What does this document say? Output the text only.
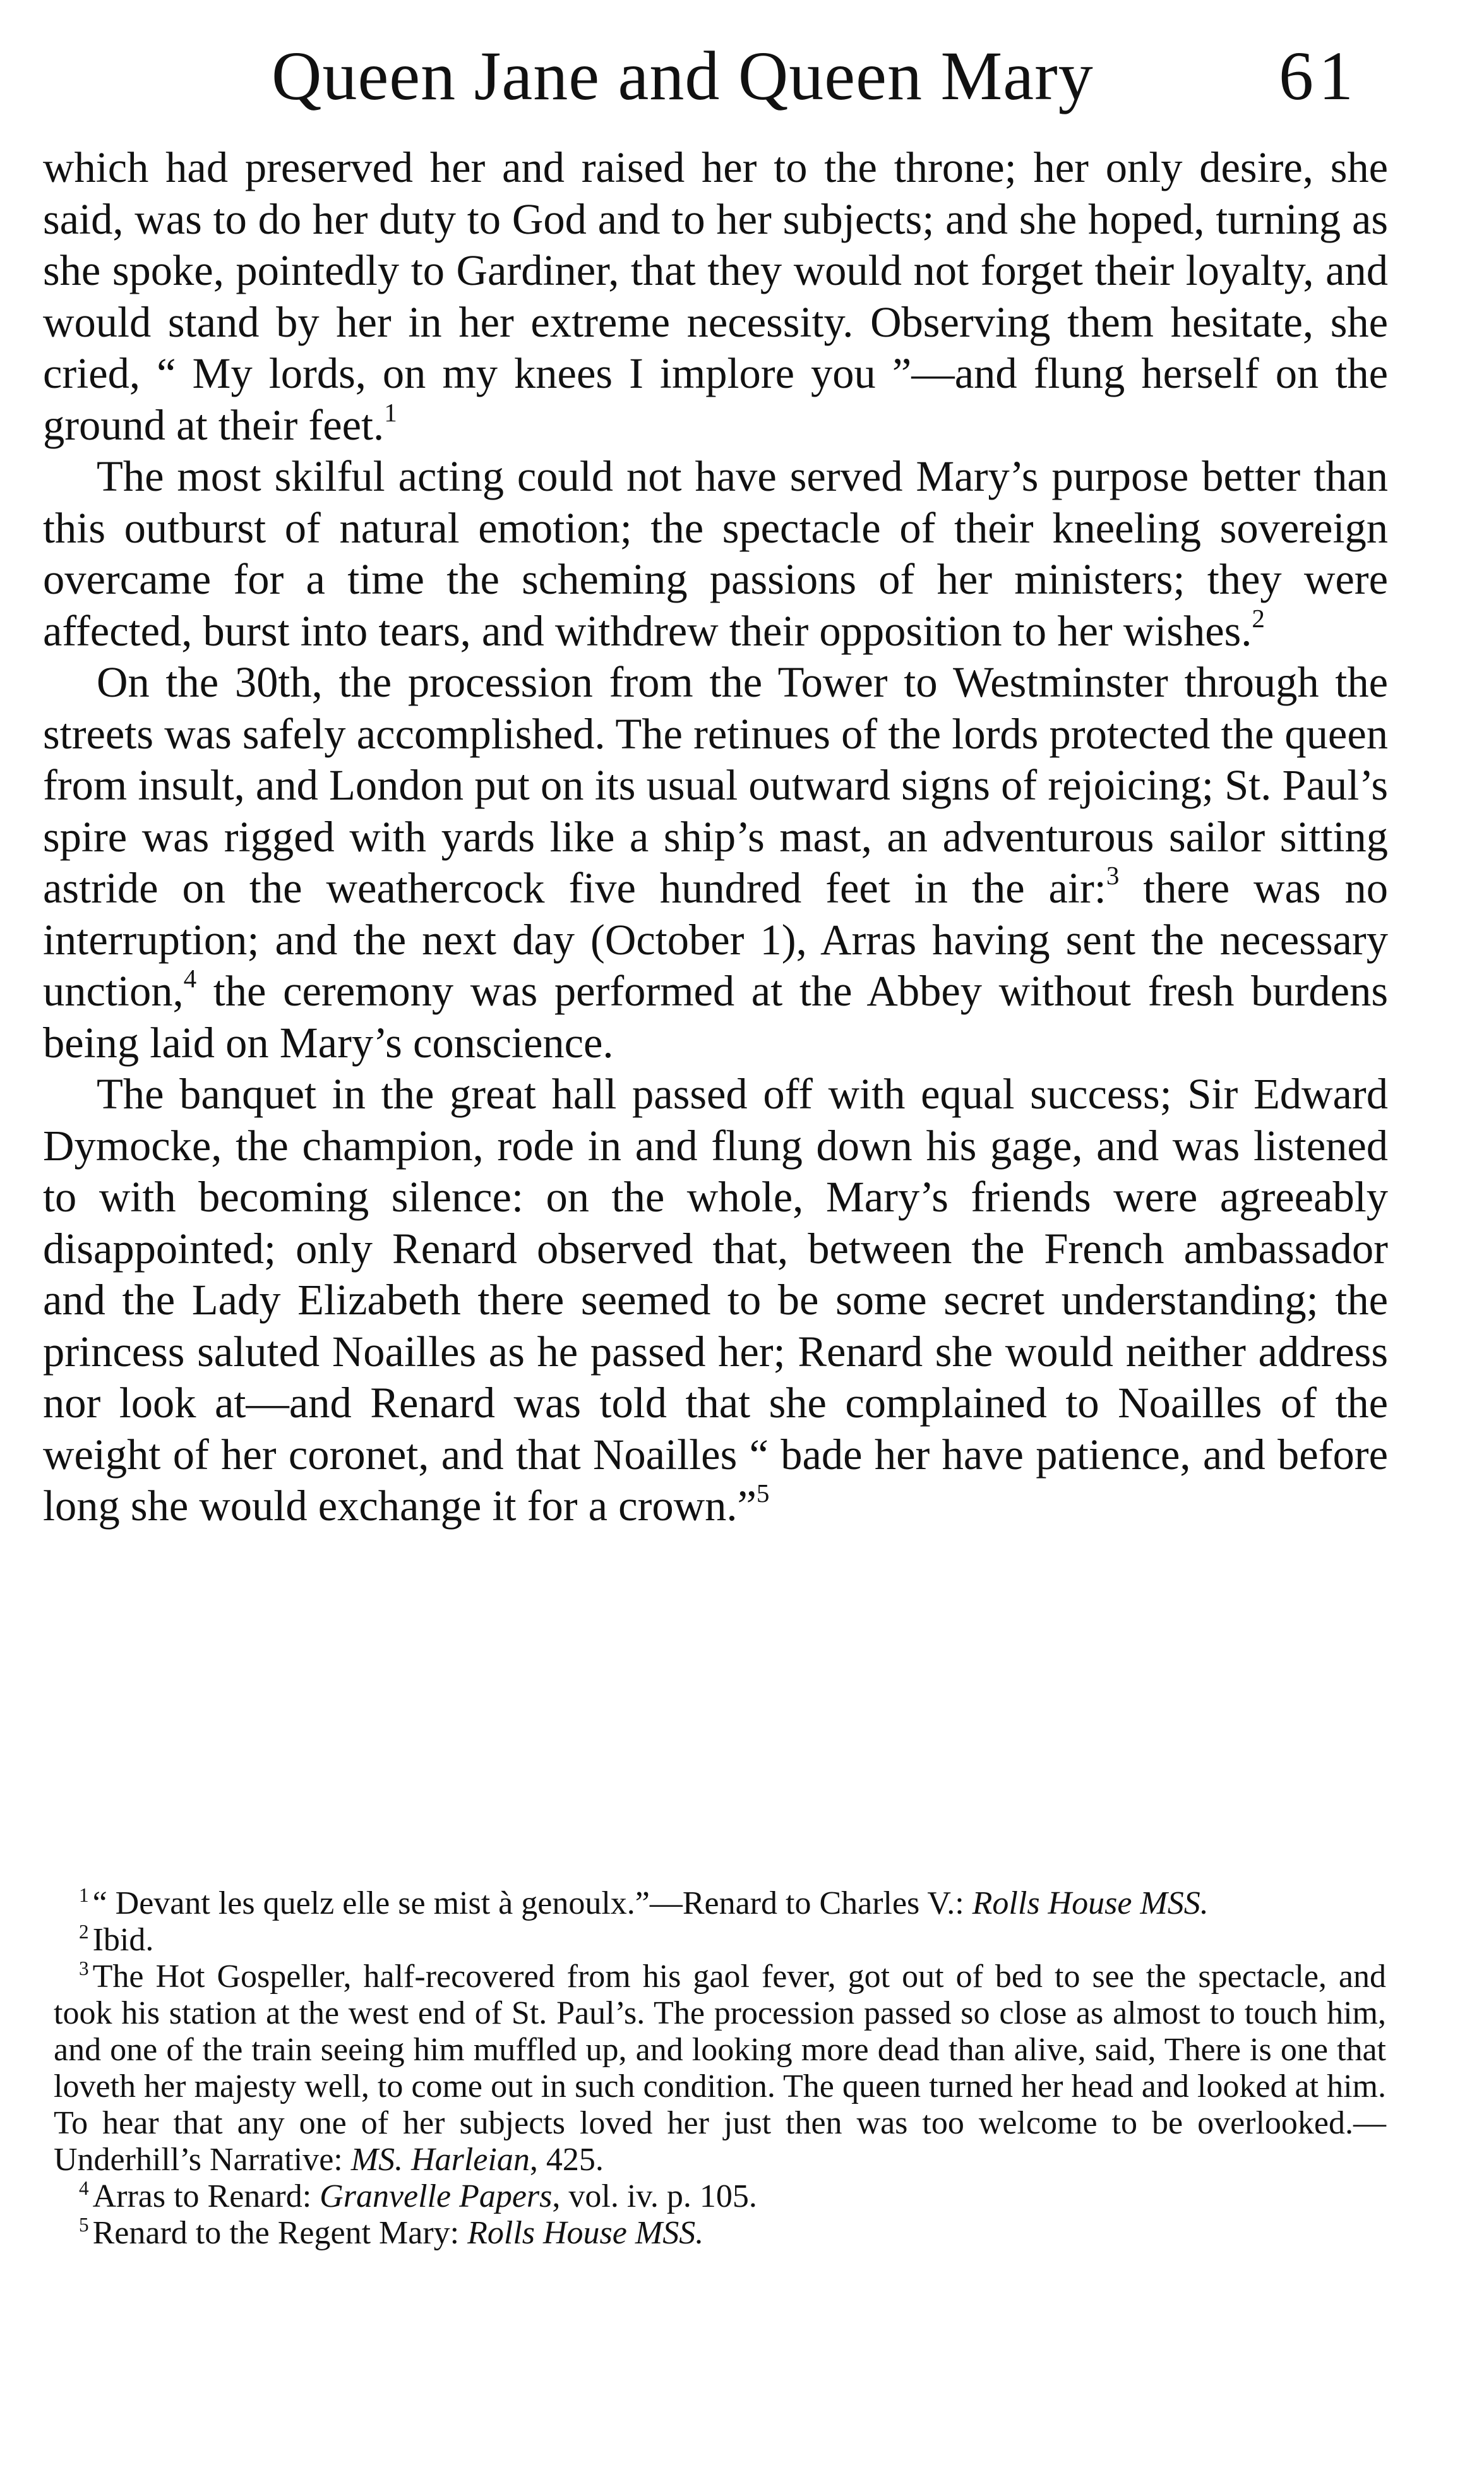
Queen Jane and Queen Mary	61

which had preserved her and raised her to the throne; her only desire, she said, was to do her duty to God and to her subjects; and she hoped, turning as she spoke, pointedly to Gardiner, that they would not forget their loyalty, and would stand by her in her extreme necessity. Observing them hesitate, she cried, “ My lords, on my knees I implore you ”—and flung herself on the ground at their feet.$^1$

The most skilful acting could not have served Mary’s purpose better than this outburst of natural emotion; the spectacle of their kneeling sovereign overcame for a time the scheming passions of her ministers; they were affected, burst into tears, and withdrew their opposition to her wishes.$^2$

On the 30th, the procession from the Tower to Westminster through the streets was safely accomplished. The retinues of the lords protected the queen from insult, and London put on its usual outward signs of rejoicing; St. Paul’s spire was rigged with yards like a ship’s mast, an adventurous sailor sitting astride on the weathercock five hundred feet in the air:$^3$ there was no interruption; and the next day (October 1), Arras having sent the necessary unction,$^4$ the ceremony was performed at the Abbey without fresh burdens being laid on Mary’s conscience.

The banquet in the great hall passed off with equal success; Sir Edward Dymocke, the champion, rode in and flung down his gage, and was listened to with becoming silence: on the whole, Mary’s friends were agreeably disappointed; only Renard observed that, between the French ambassador and the Lady Elizabeth there seemed to be some secret understanding; the princess saluted Noailles as he passed her; Renard she would neither address nor look at—and Renard was told that she complained to Noailles of the weight of her coronet, and that Noailles “ bade her have patience, and before long she would exchange it for a crown.”$^5$

$^1$ “ Devant les quelz elle se mist à genoulx.”—Renard to Charles V.: Rolls House MSS.

$^2$ Ibid.

$^3$ The Hot Gospeller, half-recovered from his gaol fever, got out of bed to see the spectacle, and took his station at the west end of St. Paul’s. The procession passed so close as almost to touch him, and one of the train seeing him muffled up, and looking more dead than alive, said, There is one that loveth her majesty well, to come out in such condition. The queen turned her head and looked at him. To hear that any one of her subjects loved her just then was too welcome to be overlooked.—Underhill’s Narrative: MS. Harleian, 425.

$^4$ Arras to Renard: Granvelle Papers, vol. iv. p. 105.

$^5$ Renard to the Regent Mary: Rolls House MSS.
